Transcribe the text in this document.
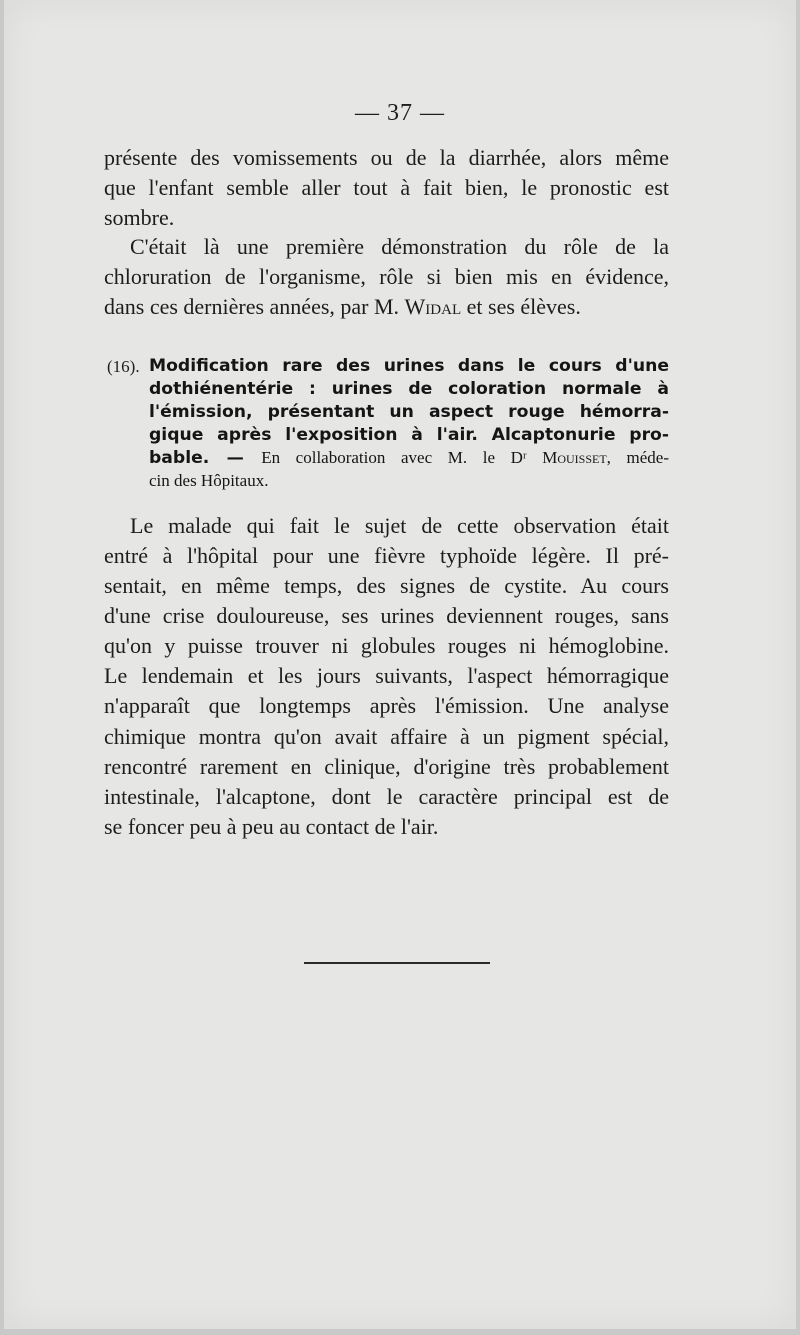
— 37 —
présente des vomissements ou de la diarrhée, alors même
que l'enfant semble aller tout à fait bien, le pronostic est
sombre.
C'était là une première démonstration du rôle de la
chloruration de l'organisme, rôle si bien mis en évidence,
dans ces dernières années, par M. Widal et ses élèves.
(16). Modification rare des urines dans le cours d'une
dothiénentérie : urines de coloration normale à
l'émission, présentant un aspect rouge hémorra-
gique après l'exposition à l'air. Alcaptonurie pro-
bable. — En collaboration avec M. le Dʳ Mouisset, méde-
cin des Hôpitaux.
Le malade qui fait le sujet de cette observation était
entré à l'hôpital pour une fièvre typhoïde légère. Il pré-
sentait, en même temps, des signes de cystite. Au cours
d'une crise douloureuse, ses urines deviennent rouges, sans
qu'on y puisse trouver ni globules rouges ni hémoglobine.
Le lendemain et les jours suivants, l'aspect hémorragique
n'apparaît que longtemps après l'émission. Une analyse
chimique montra qu'on avait affaire à un pigment spécial,
rencontré rarement en clinique, d'origine très probablement
intestinale, l'alcaptone, dont le caractère principal est de
se foncer peu à peu au contact de l'air.
